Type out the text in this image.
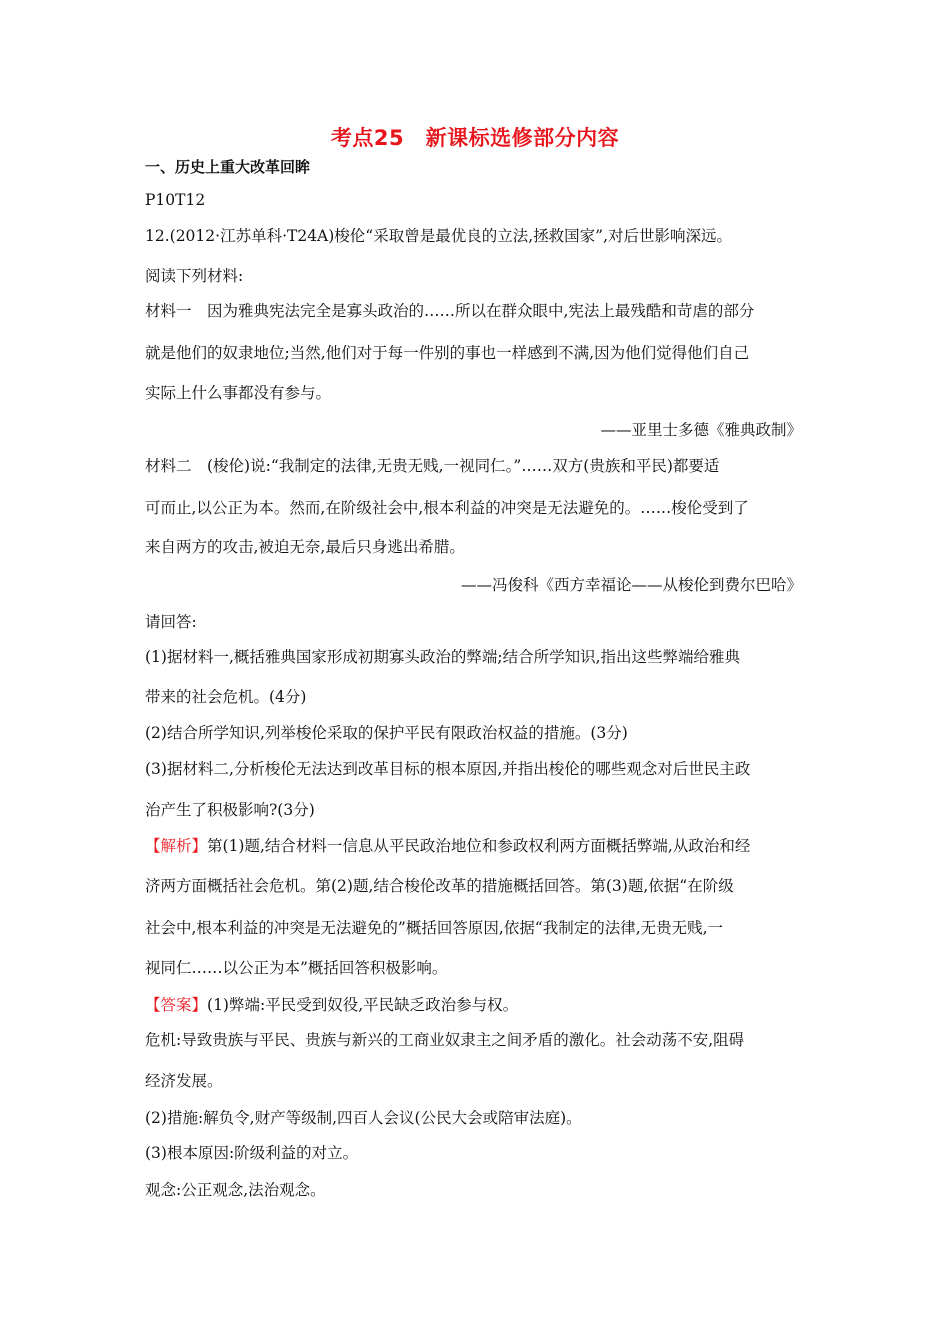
考点25　新课标选修部分内容
一、历史上重大改革回眸
P10T12
12.(2012·江苏单科·T24A)梭伦“采取曾是最优良的立法,拯救国家”,对后世影响深远。
阅读下列材料:
材料一　因为雅典宪法完全是寡头政治的……所以在群众眼中,宪法上最残酷和苛虐的部分
就是他们的奴隶地位;当然,他们对于每一件别的事也一样感到不满,因为他们觉得他们自己
实际上什么事都没有参与。
——亚里士多德《雅典政制》
材料二　(梭伦)说:“我制定的法律,无贵无贱,一视同仁。”……双方(贵族和平民)都要适
可而止,以公正为本。然而,在阶级社会中,根本利益的冲突是无法避免的。……梭伦受到了
来自两方的攻击,被迫无奈,最后只身逃出希腊。
——冯俊科《西方幸福论——从梭伦到费尔巴哈》
请回答:
(1)据材料一,概括雅典国家形成初期寡头政治的弊端;结合所学知识,指出这些弊端给雅典
带来的社会危机。(4分)
(2)结合所学知识,列举梭伦采取的保护平民有限政治权益的措施。(3分)
(3)据材料二,分析梭伦无法达到改革目标的根本原因,并指出梭伦的哪些观念对后世民主政
治产生了积极影响?(3分)
【解析】第(1)题,结合材料一信息从平民政治地位和参政权利两方面概括弊端,从政治和经
济两方面概括社会危机。第(2)题,结合梭伦改革的措施概括回答。第(3)题,依据“在阶级
社会中,根本利益的冲突是无法避免的”概括回答原因,依据“我制定的法律,无贵无贱,一
视同仁……以公正为本”概括回答积极影响。
【答案】(1)弊端:平民受到奴役,平民缺乏政治参与权。
危机:导致贵族与平民、贵族与新兴的工商业奴隶主之间矛盾的激化。社会动荡不安,阻碍
经济发展。
(2)措施:解负令,财产等级制,四百人会议(公民大会或陪审法庭)。
(3)根本原因:阶级利益的对立。
观念:公正观念,法治观念。
